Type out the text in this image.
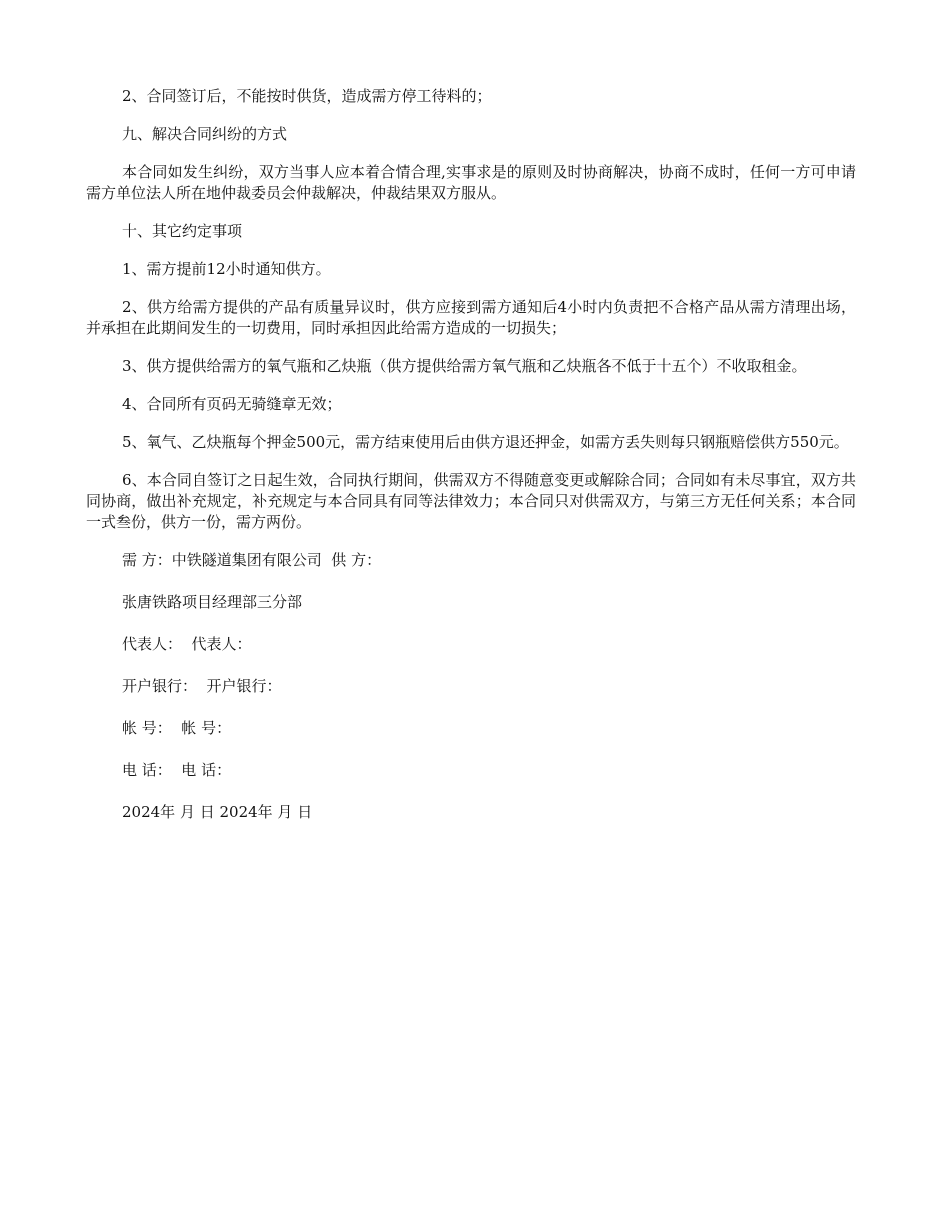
2、合同签订后，不能按时供货，造成需方停工待料的；

九、解决合同纠纷的方式

本合同如发生纠纷，双方当事人应本着合情合理,实事求是的原则及时协商解决，协商不成时，任何一方可申请需方单位法人所在地仲裁委员会仲裁解决，仲裁结果双方服从。

十、其它约定事项

1、需方提前12小时通知供方。

2、供方给需方提供的产品有质量异议时，供方应接到需方通知后4小时内负责把不合格产品从需方清理出场，并承担在此期间发生的一切费用，同时承担因此给需方造成的一切损失；

3、供方提供给需方的氧气瓶和乙炔瓶（供方提供给需方氧气瓶和乙炔瓶各不低于十五个）不收取租金。

4、合同所有页码无骑缝章无效；

5、氧气、乙炔瓶每个押金500元，需方结束使用后由供方退还押金，如需方丢失则每只钢瓶赔偿供方550元。

6、本合同自签订之日起生效，合同执行期间，供需双方不得随意变更或解除合同；合同如有未尽事宜，双方共同协商，做出补充规定，补充规定与本合同具有同等法律效力；本合同只对供需双方，与第三方无任何关系；本合同一式叁份，供方一份，需方两份。

需 方：中铁隧道集团有限公司  供 方：

张唐铁路项目经理部三分部

代表人：  代表人：

开户银行：  开户银行：

帐 号：  帐 号：

电 话：  电 话：

2024年 月 日 2024年 月 日
